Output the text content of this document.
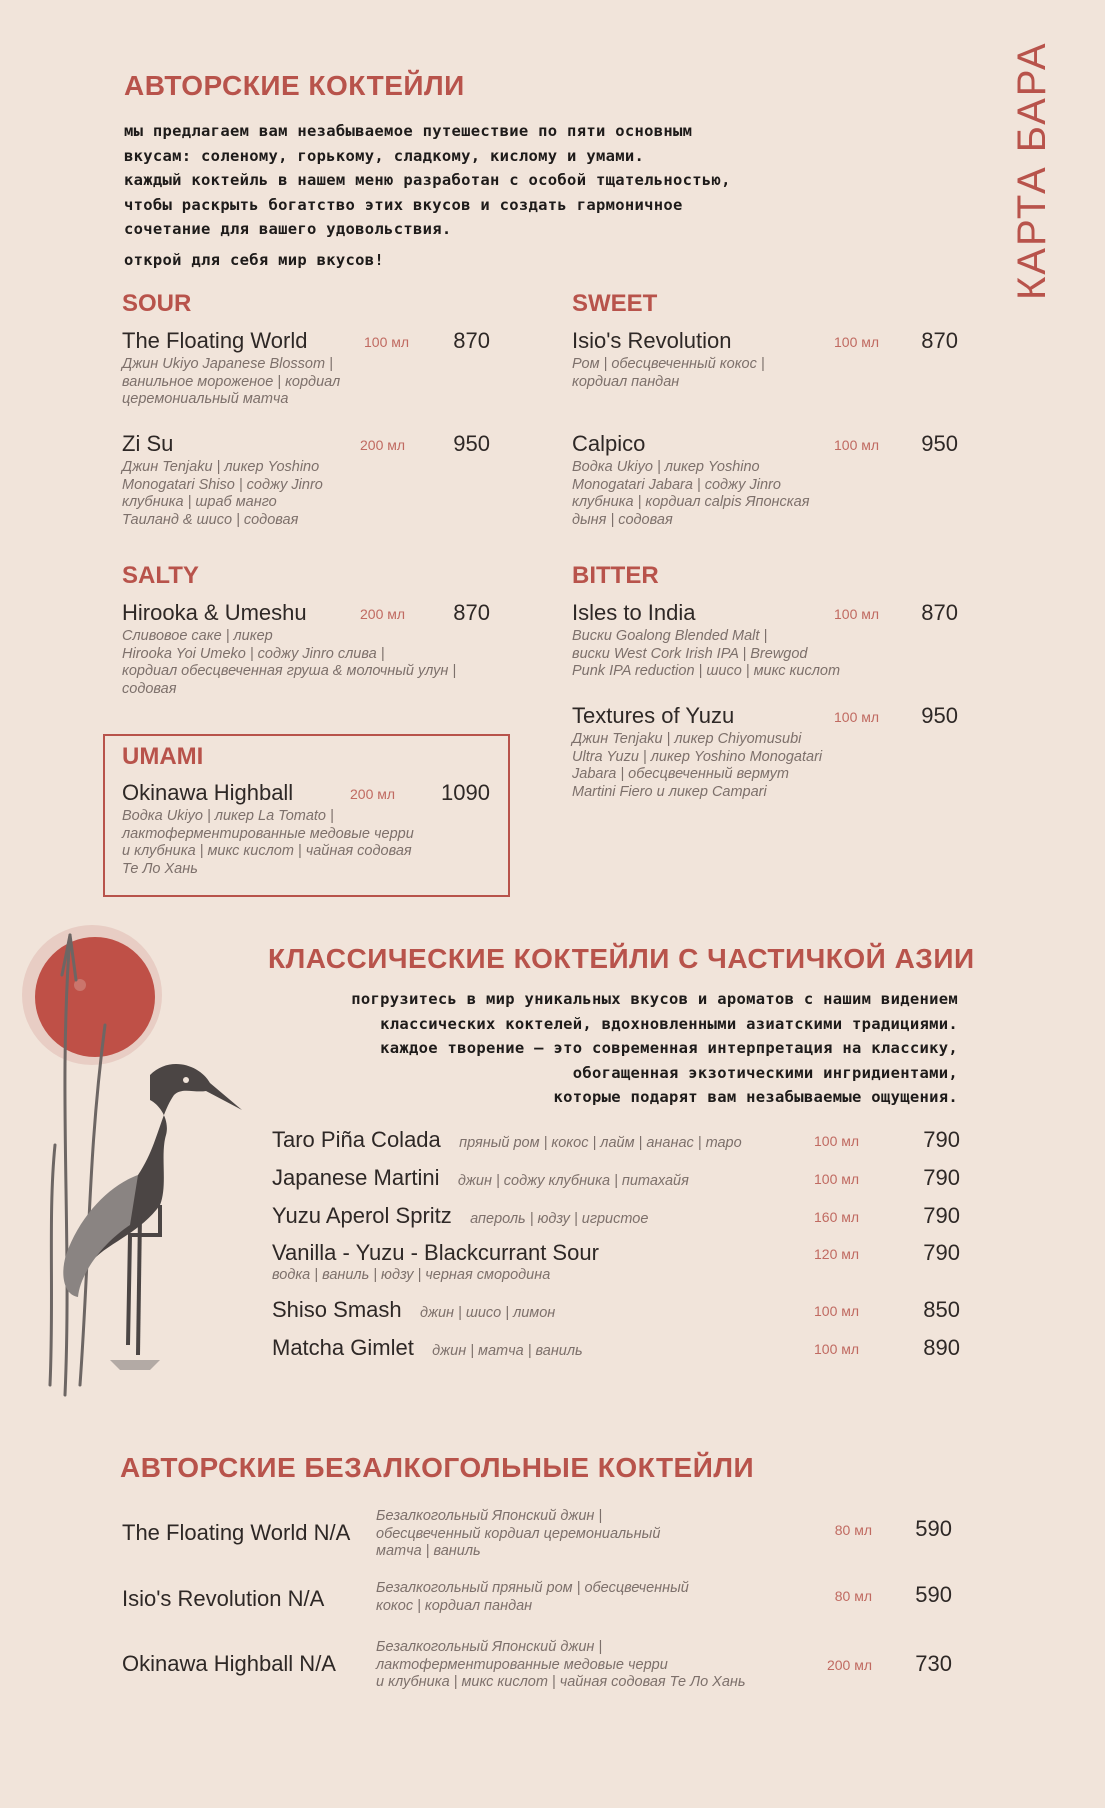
КАРТА БАРА
АВТОРСКИЕ КОКТЕЙЛИ
мы предлагаем вам незабываемое путешествие по пяти основным
вкусам: соленому, горькому, сладкому, кислому и умами.
каждый коктейль в нашем меню разработан с особой тщательностью,
чтобы раскрыть богатство этих вкусов и создать гармоничное
сочетание для вашего удовольствия.
открой для себя мир вкусов!
SOUR
The Floating World	100 мл 870
Джин Ukiyo Japanese Blossom |
ванильное мороженое | кордиал
церемониальный матча
Zi Su	200 мл 950
Джин Tenjaku | ликер Yoshino
Monogatari Shiso | соджу Jinro
клубника | шраб манго
Таиланд & шисо | содовая
SWEET
Isio's Revolution	100 мл 870
Ром | обесцвеченный кокос |
кордиал пандан
Calpico	100 мл 950
Водка Ukiyo | ликер Yoshino
Monogatari Jabara | соджу Jinro
клубника | кордиал calpis Японская
дыня | содовая
SALTY
Hirooka & Umeshu	200 мл 870
Сливовое саке | ликер
Hirooka Yoi Umeko | соджу Jinro слива |
кордиал обесцвеченная груша & молочный улун |
содовая
BITTER
Isles to India	100 мл 870
Виски Goalong Blended Malt |
виски West Cork Irish IPA | Brewgod
Punk IPA reduction | шисо | микс кислот
Textures of Yuzu	100 мл 950
Джин Tenjaku | ликер Chiyomusubi
Ultra Yuzu | ликер Yoshino Monogatari
Jabara | обесцвеченный вермут
Martini Fiero и ликер Campari
UMAMI
Okinawa Highball	200 мл 1090
Водка Ukiyo | ликер La Tomato |
лактоферментированные медовые черри
и клубника | микс кислот | чайная содовая
Те Ло Хань
КЛАССИЧЕСКИЕ КОКТЕЙЛИ С ЧАСТИЧКОЙ АЗИИ
погрузитесь в мир уникальных вкусов и ароматов с нашим видением
классических коктелей, вдохновленными азиатскими традициями.
каждое творение – это современная интерпретация на классику,
обогащенная экзотическими ингридиентами,
которые подарят вам незабываемые ощущения.
Taro Piña Colada пряный ром | кокос | лайм | ананас | таро	100 мл	790
Japanese Martini джин | соджу клубника | питахайя	100 мл	790
Yuzu Aperol Spritz апероль | юдзу | игристое	160 мл	790
Vanilla - Yuzu - Blackcurrant Sour
водка | ваниль | юдзу | черная смородина
120 мл	790
Shiso Smash джин | шисо | лимон	100 мл	850
Matcha Gimlet джин | матча | ваниль	100 мл	890
АВТОРСКИЕ БЕЗАЛКОГОЛЬНЫЕ КОКТЕЙЛИ
The Floating World N/A
Безалкогольный Японский джин |
обесцвеченный кордиал церемониальный
матча | ваниль
80 мл 590
Isio's Revolution N/A	Безалкогольный пряный ром | обесцвеченный
кокос | кордиал пандан
80 мл 590
Okinawa Highball N/A
Безалкогольный Японский джин |
лактоферментированные медовые черри
и клубника | микс кислот | чайная содовая Те Ло Хань
200 мл 730
